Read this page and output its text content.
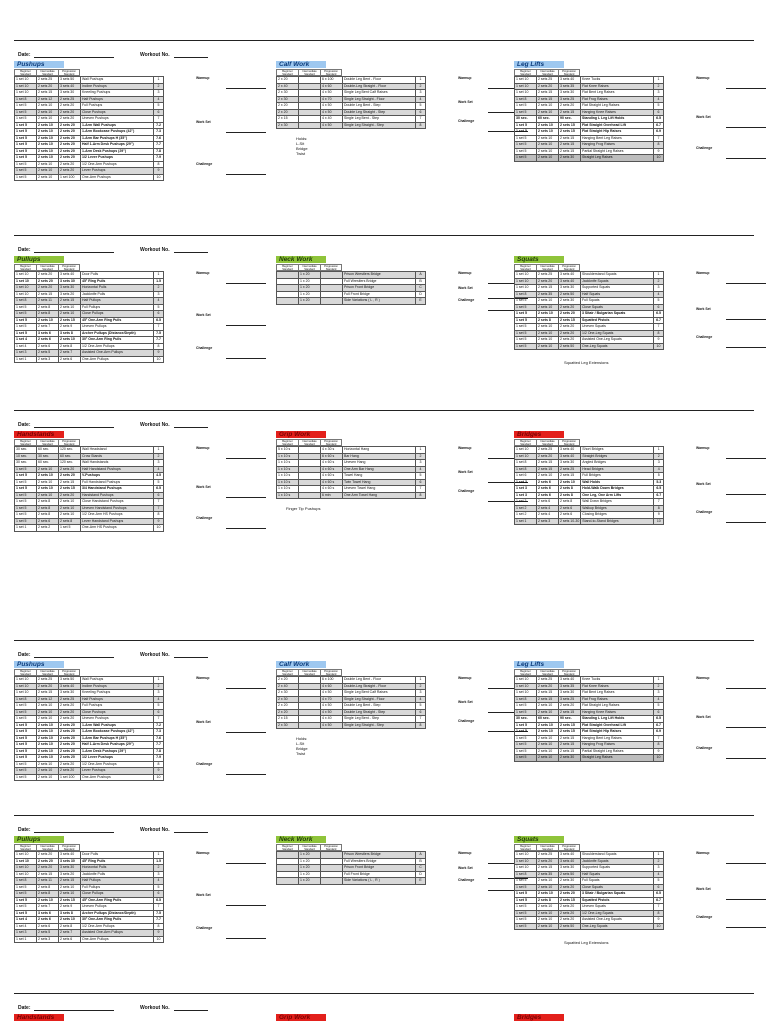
Date:	Workout No.
Pushups
Beginner Standard
Intermediate Standard
Progression Standard
1 set 10	2 sets 25	3 sets 50	Wall Pushups	1
1 set 10	2 sets 20	3 sets 40	Incline Pushups	2
1 set 10	2 sets 15	3 sets 30	Kneeling Pushups	3
1 set 8	2 sets 12	2 sets 25	Half Pushups	4
1 set 5	2 sets 10	2 sets 20	Full Pushups	5
1 set 5	2 sets 10	2 sets 20	Close Pushups	6
1 set 5	2 sets 10	2 sets 20	Uneven Pushups	7
1 set 5	2 sets 10	2 sets 20	1-Arm Wall Pushups	7.2
1 set 5	2 sets 10	2 sets 20	1-Arm Bookcase Pushups (42")	7.3
1 set 5	2 sets 10	2 sets 20	1-Arm Bar Pushups H (35")	7.6
1 set 5	2 sets 10	2 sets 20	Half 1-Arm Desk Pushups (29")	7.7
1 set 5	2 sets 10	2 sets 20	1-Arm Desk Pushups (29")	7.8
1 set 5	2 sets 10	2 sets 20	1/2 Lever Pushups	7.9
1 set 5	2 sets 10	2 sets 20	1/2 One-Arm Pushups	8
1 set 5	2 sets 10	2 sets 20	Lever Pushups	9
1 set 5	2 sets 10	1 set 100	One-Arm Pushups	10
Warmup
Work Set
Challenge
Calf Work
Beginner Standard
Intermediate Standard
Progression Standard
2 x 20		6 x 100	Double Leg Bent - Floor	1
2 x 40		4 x 60	Double-Leg Straight - Floor	2
2 x 30		4 x 50	Single Leg Bent Calf Raises	3
2 x 30		4 x 70	Single Leg Straight - Floor	4
2 x 20		4 x 50	Double Leg Bent - Step	5
2 x 20		4 x 50	Double Leg Straight - Step	6
2 x 15		4 x 40	Single Leg Bent - Step	7
2 x 30		4 x 50	Single Leg Straight - Step	8
Holds:
L-Sit
Bridge
Twist
Warmup
Work Set
Challenge
Leg Lifts
Beginner Standard
Intermediate Standard
Progression Standard
1 set 10	2 sets 25	3 sets 40	Knee Tucks	1
1 set 10	2 sets 20	3 sets 35	Flat Knee Raises	2
1 set 10	2 sets 15	3 sets 30	Flat Bent Leg Raises	3
1 set 8	2 sets 15	3 sets 25	Flat Frog Raises	4
1 set 5	2 sets 10	2 sets 20	Flat Straight Leg Raises	5
1 set 5	2 sets 10	2 sets 15	Hanging Knee Raises	6
30 sec.	60 sec.	90 sec.	Standing L Leg Lift Holds	6.5
1 set 5	2 sets 10	2 sets 15	Flat Straight Overhead Lift	6.7
1 set 5	2 sets 10	2 sets 15	Flat Straight Hip Raises	6.9
1 set 5	2 sets 10	2 sets 15	Hanging Bent Leg Raises	7
1 set 5	2 sets 10	2 sets 15	Hanging Frog Raises	8
1 set 5	2 sets 10	2 sets 15	Partial Straight Leg Raises	9
1 set 5	2 sets 10	2 sets 30	Straight Leg Raises	10
Warmup
Work Set
Challenge
Date:	Workout No.
Pullups
Beginner Standard
Intermediate Standard
Progression Standard
1 set 10	2 sets 20	3 sets 40	Door Pulls	1
1 set 10	2 sets 20	3 sets 30	45° Ring Pulls	1.5
1 set 10	2 sets 20	3 sets 30	Horizontal Pulls	2
1 set 10	2 sets 15	3 sets 20	Jackknife Pulls	3
1 set 8	2 sets 11	2 sets 15	Half Pullups	4
1 set 5	2 sets 8	2 sets 10	Full Pullups	5
1 set 5	2 sets 8	2 sets 10	Close Pullups	6
1 set 5	2 sets 10	2 sets 15	45° One-Arm Ring Pulls	6.5
1 set 5	2 sets 7	2 sets 9	Uneven Pullups	7
1 set 5	3 sets 6	3 sets 8	Archer Pullups (Distance/Depth)	7.5
1 set 4	2 sets 6	2 sets 10	30° One-Arm Ring Pulls	7.7
1 set 4	2 sets 6	2 sets 8	1/2 One-Arm Pullups	8
1 set 3	2 sets 5	2 sets 7	Assisted One-Arm Pullups	9
1 set 1	2 sets 3	2 sets 6	One-Arm Pullups	10
Warmup
Work Set
Challenge
Neck Work
Beginner Standard
Intermediate Standard
Progression Standard
	1 x 20		Prison Wrestlers Bridge	A
	1 x 20		Full Wrestlers Bridge	B
	1 x 20		Prison Front Bridge	C
	1 x 20		Full Front Bridge	D
	1 x 20		Side Variations ( L , R )	E
Warmup
Work Set
Challenge
Squats
Beginner Standard
Intermediate Standard
Progression Standard
1 set 10	2 sets 25	3 sets 40	Shoulderstand Squats	1
1 set 10	2 sets 20	3 sets 40	Jackknife Squats	2
1 set 10	2 sets 15	3 sets 30	Supported Squats	3
1 set 8	2 sets 35	2 sets 50	Half Squats	4
1 set 5	2 sets 10	2 sets 30	Full Squats	5
1 set 5	2 sets 10	2 sets 20	Close Squats	6
1 set 5	2 sets 10	2 sets 20	3 Sitair / Bulgarian Squats	6.5
1 set 5	2 sets 8	2 sets 15	Squatted Pistols	6.7
1 set 5	2 sets 10	2 sets 20	Uneven Squats	7
1 set 5	2 sets 10	2 sets 20	1/2 One-Leg Squats	8
1 set 5	2 sets 10	2 sets 20	Assisted One-Leg Squats	9
1 set 5	2 sets 10	2 sets 50	One-Leg Squats	10
Squatted Leg Extensions
Warmup
Work Set
Challenge
Date:	Workout No.
Handstands
Beginner Standard
Intermediate Standard
Progression Standard
30 sec.	60 sec.	120 sec.	Wall Headstand	1
10 sec.	30 sec.	60 sec.	Crow Stands	2
30 sec.	60 sec.	120 sec.	Wall Handstands	3
1 set 5	2 sets 10	2 sets 20	Half Handstand Pushups	4
1 set 5	2 sets 10	2 sets 20	V-Pushups	4.5
1 set 5	2 sets 10	2 sets 15	Full Handstand Pushups	5
1 set 5	2 sets 10	2 sets 15	3/4 Handstand Pushups	6.5
1 set 5	2 sets 10	2 sets 20	Handstand Pushups	6
1 set 5	2 sets 8	2 sets 10	Close Handstand Pushups	7
1 set 5	2 sets 8	2 sets 10	Uneven Handstand Pushups	7
1 set 5	2 sets 8	2 sets 10	1/2 One-Arm HS Pushups	8
1 set 5	2 sets 6	2 sets 8	Lever Handstand Pushups	9
1 set 1	2 sets 2	1 set 5	One-Arm HS Pushups	10
Warmup
Work Set
Challenge
Grip Work
Beginner Standard
Intermediate Standard
Progression Standard
5 x 10 s		4 x 30 s	Horizontal Hang	1
1 x 10 s		6 x 60 s	Bar Hang	2
1 x 10 s		4 x 60 s	Uneven Hang	3
1 x 10 s		4 x 60 s	One Arm Bar Hang	4
1 x 10 s		4 x 60 s	Towel Hang	5
1 x 10 s		4 x 60 s	Twin Towel Hang	6
1 x 10 s		4 x 60 s	Uneven Towel Hang	7
1 x 10 s		6 min	One Arm Towel Hang	8
Finger Tip Pushups
Warmup
Work Set
Challenge
Bridges
Beginner Standard
Intermediate Standard
Progression Standard
1 set 10	2 sets 25	3 sets 40	Short Bridges	1
1 set 10	2 sets 20	3 sets 40	Straight Bridges	2
1 set 8	2 sets 15	3 sets 30	Angled Bridges	3
1 set 8	2 sets 15	2 sets 25	Head Bridges	4
1 set 6	2 sets 10	2 sets 15	Full Bridges	5
1 set 3	2 sets 6	2 sets 10	Wall Holds	5.3
1 set 3	2 sets 6	2 sets 8	Hold-Walk Down Bridges	6.5
1 set 3	2 sets 6	2 sets 8	One Leg, One Arm Lifts	6.7
1 set 3	2 sets 6	2 sets 8	Wall Down Bridges	7
1 set 2	2 sets 4	2 sets 6	Walkup Bridges	8
1 set 2	2 sets 4	2 sets 6	Closing Bridges	9
1 set 1	2 sets 3	2 sets 10-30	Stand-to-Stand Bridges	10
Warmup
Work Set
Challenge
Date:	Workout No.
Pushups
Beginner Standard
Intermediate Standard
Progression Standard
1 set 10	2 sets 25	3 sets 50	Wall Pushups	1
1 set 10	2 sets 20	3 sets 40	Incline Pushups	2
1 set 10	2 sets 15	3 sets 30	Kneeling Pushups	3
1 set 8	2 sets 12	2 sets 25	Half Pushups	4
1 set 5	2 sets 10	2 sets 20	Full Pushups	5
1 set 5	2 sets 10	2 sets 20	Close Pushups	6
1 set 5	2 sets 10	2 sets 20	Uneven Pushups	7
1 set 5	2 sets 10	2 sets 20	1-Arm Wall Pushups	7.2
1 set 5	2 sets 10	2 sets 20	1-Arm Bookcase Pushups (42")	7.3
1 set 5	2 sets 10	2 sets 20	1-Arm Bar Pushups H (35")	7.6
1 set 5	2 sets 10	2 sets 20	Half 1-Arm Desk Pushups (29")	7.7
1 set 5	2 sets 10	2 sets 20	1-Arm Desk Pushups (29")	7.8
1 set 5	2 sets 10	2 sets 20	1/2 Lever Pushups	7.9
1 set 5	2 sets 10	2 sets 20	1/2 One-Arm Pushups	8
1 set 5	2 sets 10	2 sets 20	Lever Pushups	9
1 set 5	2 sets 10	1 set 100	One-Arm Pushups	10
Warmup
Work Set
Challenge
Calf Work
Beginner Standard
Intermediate Standard
Progression Standard
2 x 20		6 x 100	Double Leg Bent - Floor	1
2 x 40		4 x 60	Double-Leg Straight - Floor	2
2 x 30		4 x 50	Single Leg Bent Calf Raises	3
2 x 30		4 x 70	Single Leg Straight - Floor	4
2 x 20		4 x 50	Double Leg Bent - Step	5
2 x 20		4 x 50	Double Leg Straight - Step	6
2 x 15		4 x 40	Single Leg Bent - Step	7
2 x 30		4 x 50	Single Leg Straight - Step	8
Holds:
L-Sit
Bridge
Twist
Warmup
Work Set
Challenge
Leg Lifts
Beginner Standard
Intermediate Standard
Progression Standard
1 set 10	2 sets 25	3 sets 40	Knee Tucks	1
1 set 10	2 sets 20	3 sets 35	Flat Knee Raises	2
1 set 10	2 sets 15	3 sets 30	Flat Bent Leg Raises	3
1 set 8	2 sets 15	3 sets 25	Flat Frog Raises	4
1 set 5	2 sets 10	2 sets 20	Flat Straight Leg Raises	5
1 set 5	2 sets 10	2 sets 15	Hanging Knee Raises	6
30 sec.	60 sec.	90 sec.	Standing L Leg Lift Holds	6.5
1 set 5	2 sets 10	2 sets 15	Flat Straight Overhead Lift	6.7
1 set 5	2 sets 10	2 sets 15	Flat Straight Hip Raises	6.9
1 set 5	2 sets 10	2 sets 15	Hanging Bent Leg Raises	7
1 set 5	2 sets 10	2 sets 15	Hanging Frog Raises	8
1 set 5	2 sets 10	2 sets 15	Partial Straight Leg Raises	9
1 set 5	2 sets 10	2 sets 30	Straight Leg Raises	10
Warmup
Work Set
Challenge
Date:	Workout No.
Pullups
Beginner Standard
Intermediate Standard
Progression Standard
1 set 10	2 sets 20	3 sets 40	Door Pulls	1
1 set 10	2 sets 20	3 sets 30	45° Ring Pulls	1.5
1 set 10	2 sets 20	3 sets 30	Horizontal Pulls	2
1 set 10	2 sets 15	3 sets 20	Jackknife Pulls	3
1 set 8	2 sets 11	2 sets 15	Half Pullups	4
1 set 5	2 sets 8	2 sets 10	Full Pullups	5
1 set 5	2 sets 8	2 sets 10	Close Pullups	6
1 set 5	2 sets 10	2 sets 15	45° One-Arm Ring Pulls	6.5
1 set 5	2 sets 7	2 sets 9	Uneven Pullups	7
1 set 5	3 sets 6	3 sets 8	Archer Pullups (Distance/Depth)	7.5
1 set 4	2 sets 6	2 sets 10	30° One-Arm Ring Pulls	7.7
1 set 4	2 sets 6	2 sets 8	1/2 One-Arm Pullups	8
1 set 3	2 sets 5	2 sets 7	Assisted One-Arm Pullups	9
1 set 1	2 sets 3	2 sets 6	One-Arm Pullups	10
Warmup
Work Set
Challenge
Neck Work
Beginner Standard
Intermediate Standard
Progression Standard
	1 x 20		Prison Wrestlers Bridge	A
	1 x 20		Full Wrestlers Bridge	B
	1 x 20		Prison Front Bridge	C
	1 x 20		Full Front Bridge	D
	1 x 20		Side Variations ( L , R )	E
Warmup
Work Set
Challenge
Squats
Beginner Standard
Intermediate Standard
Progression Standard
1 set 10	2 sets 25	3 sets 40	Shoulderstand Squats	1
1 set 10	2 sets 20	3 sets 40	Jackknife Squats	2
1 set 10	2 sets 15	3 sets 30	Supported Squats	3
1 set 8	2 sets 35	2 sets 50	Half Squats	4
1 set 5	2 sets 10	2 sets 30	Full Squats	5
1 set 5	2 sets 10	2 sets 20	Close Squats	6
1 set 5	2 sets 10	2 sets 20	3 Sitair / Bulgarian Squats	6.5
1 set 5	2 sets 8	2 sets 15	Squatted Pistols	6.7
1 set 5	2 sets 10	2 sets 20	Uneven Squats	7
1 set 5	2 sets 10	2 sets 20	1/2 One-Leg Squats	8
1 set 5	2 sets 10	2 sets 20	Assisted One-Leg Squats	9
1 set 5	2 sets 10	2 sets 50	One-Leg Squats	10
Squatted Leg Extensions
Warmup
Work Set
Challenge
Date:	Workout No.
Handstands	Grip Work	Bridges
